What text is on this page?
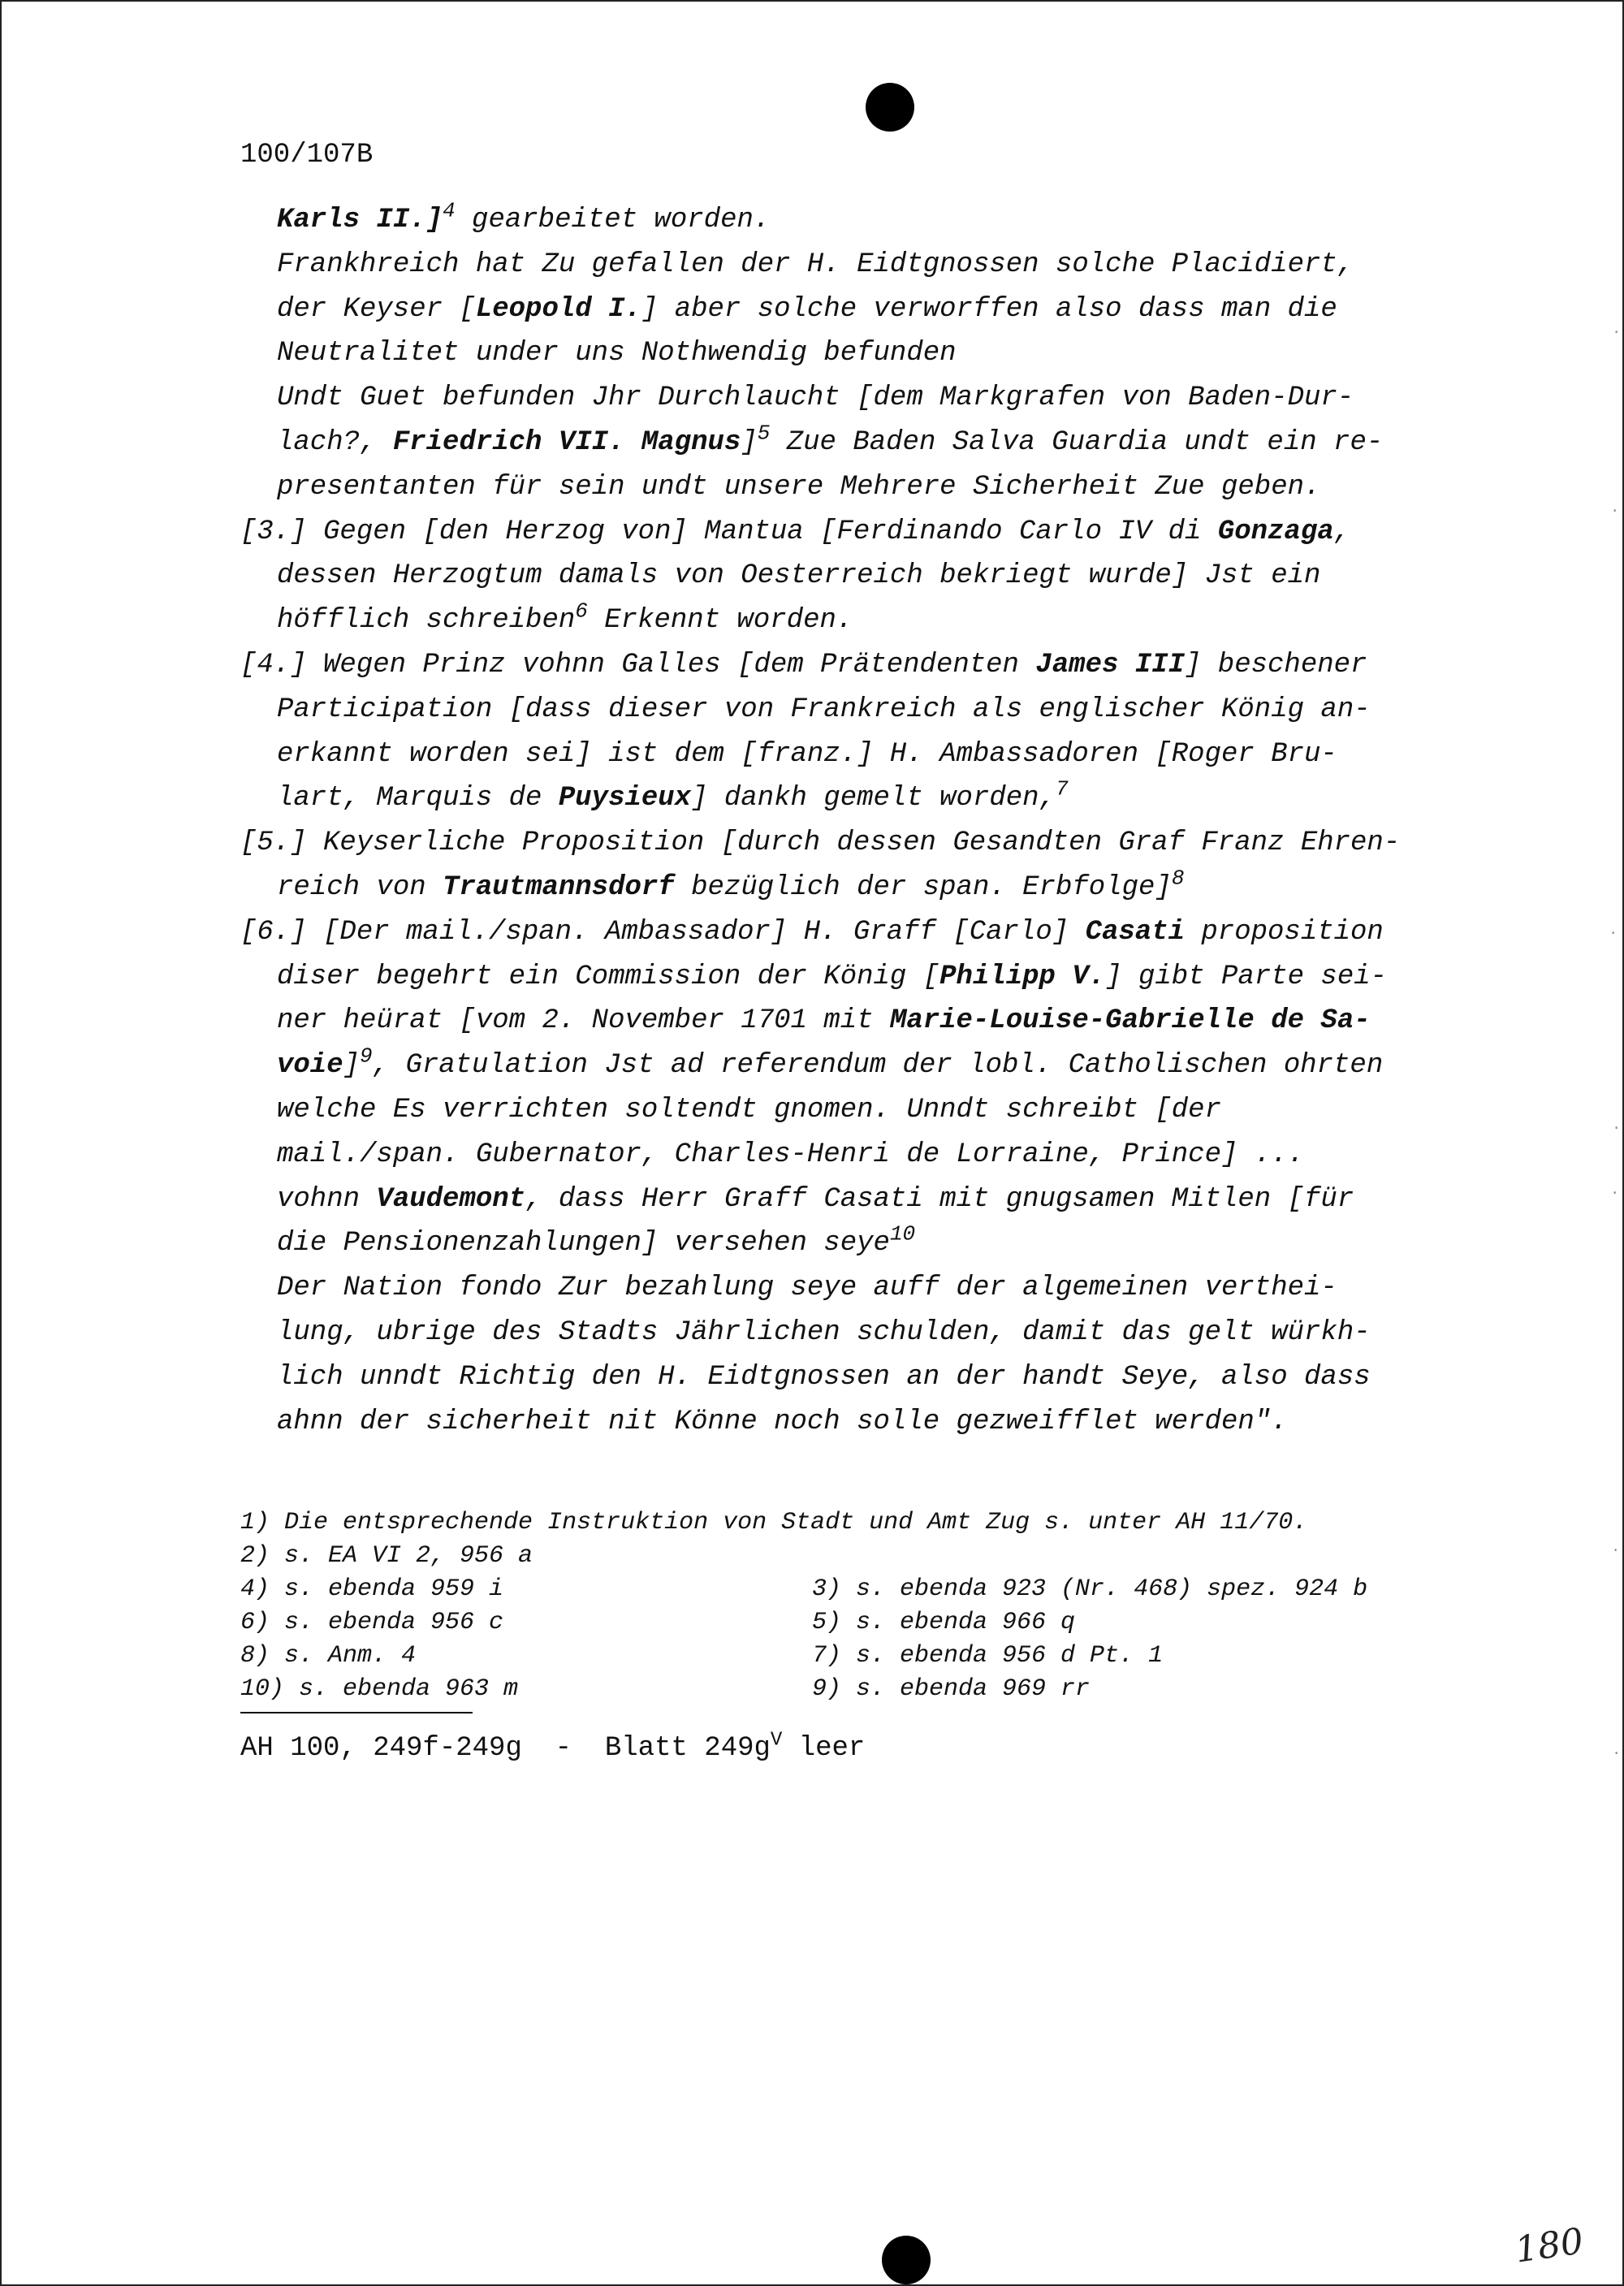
100/107B
Karls II.]$^4$ gearbeitet worden.
Frankhreich hat Zu gefallen der H. Eidtgnossen solche Placidiert,
der Keyser [Leopold I.] aber solche verworffen also dass man die
Neutralitet under uns Nothwendig befunden
Undt Guet befunden Jhr Durchlaucht [dem Markgrafen von Baden-Dur-
lach?, Friedrich VII. Magnus]$^5$ Zue Baden Salva Guardia undt ein re-
presentanten für sein undt unsere Mehrere Sicherheit Zue geben.
[3.] Gegen [den Herzog von] Mantua [Ferdinando Carlo IV di Gonzaga,
dessen Herzogtum damals von Oesterreich bekriegt wurde] Jst ein
höfflich schreiben$^6$ Erkennt worden.
[4.] Wegen Prinz vohnn Galles [dem Prätendenten James III] beschener
Participation [dass dieser von Frankreich als englischer König an-
erkannt worden sei] ist dem [franz.] H. Ambassadoren [Roger Bru-
lart, Marquis de Puysieux] dankh gemelt worden,$^7$
[5.] Keyserliche Proposition [durch dessen Gesandten Graf Franz Ehren-
reich von Trautmannsdorf bezüglich der span. Erbfolge]$^8$
[6.] [Der mail./span. Ambassador] H. Graff [Carlo] Casati proposition
diser begehrt ein Commission der König [Philipp V.] gibt Parte sei-
ner heürat [vom 2. November 1701 mit Marie-Louise-Gabrielle de Sa-
voie]$^9$, Gratulation Jst ad referendum der lobl. Catholischen ohrten
welche Es verrichten soltendt gnomen. Unndt schreibt [der
mail./span. Gubernator, Charles-Henri de Lorraine, Prince] ...
vohnn Vaudemont, dass Herr Graff Casati mit gnugsamen Mitlen [für
die Pensionenzahlungen] versehen seye$^{10}$
Der Nation fondo Zur bezahlung seye auff der algemeinen verthei-
lung, ubrige des Stadts Jährlichen schulden, damit das gelt würkh-
lich unndt Richtig den H. Eidtgnossen an der handt Seye, also dass
ahnn der sicherheit nit Könne noch solle gezweifflet werden".

1) Die entsprechende Instruktion von Stadt und Amt Zug s. unter AH 11/70.

2) s. EA VI 2, 956 a

3) s. ebenda 923 (Nr. 468) spez. 924 b

4) s. ebenda 959 i

5) s. ebenda 966 q

6) s. ebenda 956 c

7) s. ebenda 956 d Pt. 1

8) s. Anm. 4

9) s. ebenda 969 rr

10) s. ebenda 963 m

AH 100, 249f-249g  -  Blatt $249g^V$ leer
·
·
·
·
·
·
·
180
